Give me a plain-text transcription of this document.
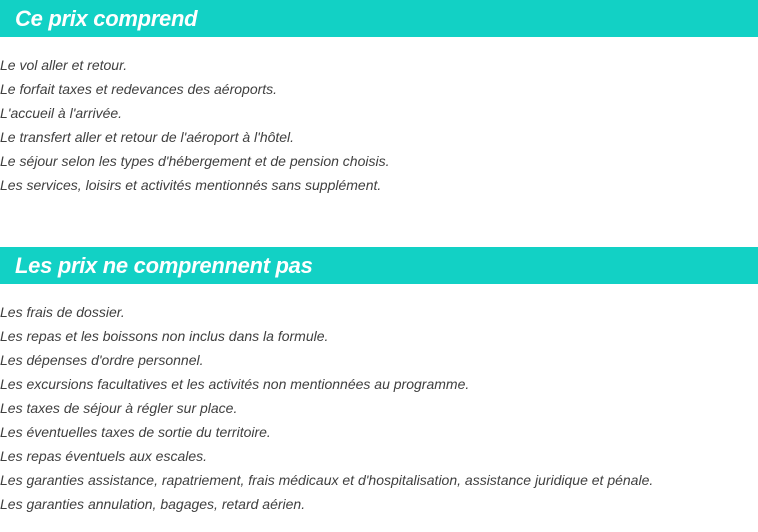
Ce prix comprend
Le vol aller et retour.
Le forfait taxes et redevances des aéroports.
L'accueil à l'arrivée.
Le transfert aller et retour de l'aéroport à l'hôtel.
Le séjour selon les types d'hébergement et de pension choisis.
Les services, loisirs et activités mentionnés sans supplément.
Les prix ne comprennent pas
Les frais de dossier.
Les repas et les boissons non inclus dans la formule.
Les dépenses d'ordre personnel.
Les excursions facultatives et les activités non mentionnées au programme.
Les taxes de séjour à régler sur place.
Les éventuelles taxes de sortie du territoire.
Les repas éventuels aux escales.
Les garanties assistance, rapatriement, frais médicaux et d'hospitalisation, assistance juridique et pénale.
Les garanties annulation, bagages, retard aérien.
